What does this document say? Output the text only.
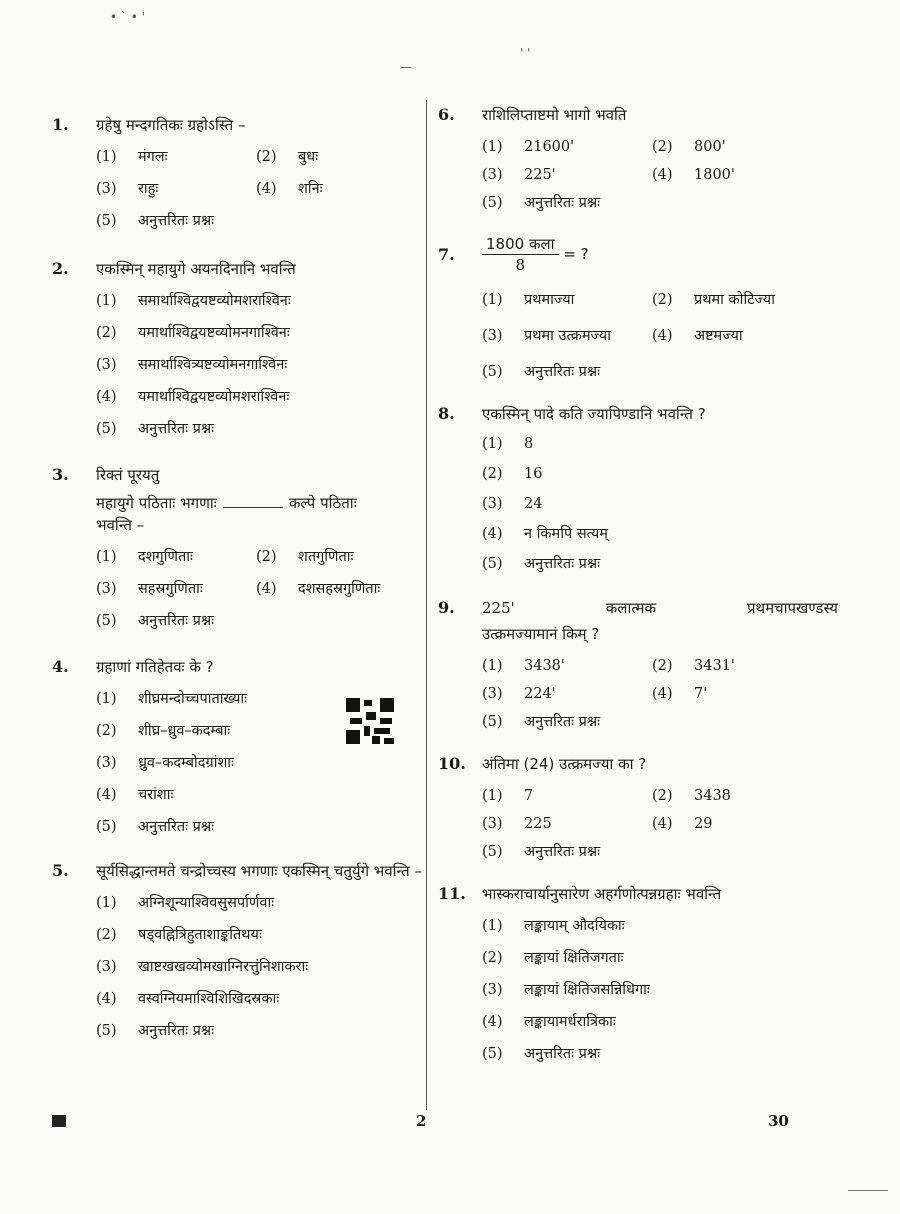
1.	ग्रहेषु मन्दगतिकः ग्रहोऽस्ति –
(1)	मंगलः	(2)	बुधः
(3)	राहुः	(4)	शनिः
(5)	अनुत्तरितः प्रश्नः
2.	एकस्मिन् महायुगे अयनदिनानि भवन्ति
(1)	समार्थाश्विद्वयष्टव्योमशराश्विनः
(2)	यमार्थाश्विद्वयष्टव्योमनगाश्विनः
(3)	समार्थाश्वित्र्यष्टव्योमनगाश्विनः
(4)	यमार्थाश्विद्वयष्टव्योमशराश्विनः
(5)	अनुत्तरितः प्रश्नः
3.	रिक्तं पूरयतु
महायुगे पठिताः भगणाः	कल्पे पठिताः
भवन्ति –
(1)	दशगुणिताः	(2)	शतगुणिताः
(3)	सहस्रगुणिताः	(4)	दशसहस्रगुणिताः
(5)	अनुत्तरितः प्रश्नः
4.	ग्रहाणां गतिहेतवः के ?
(1)	शीघ्रमन्दोच्चपाताख्याः
(2)	शीघ्र–ध्रुव–कदम्बाः
(3)	ध्रुव–कदम्बोदग्रांशाः
(4)	चरांशाः
(5)	अनुत्तरितः प्रश्नः
5.	सूर्यसिद्धान्तमते चन्द्रोच्चस्य भगणाः एकस्मिन् चतुर्युगे भवन्ति –
(1)	अग्निशून्याश्विवसुसर्पार्णवाः
(2)	षड्वह्नित्रिहुताशाङ्कतिथयः
(3)	खाष्टखखव्योमखाग्निरत्तुंनिशाकराः
(4)	वस्वग्नियमाश्विशिखिदस्रकाः
(5)	अनुत्तरितः प्रश्नः
6.	राशिलिप्ताष्टमो भागो भवति
(1)	21600'	(2)	800'
(3)	225'	(4)	1800'
(5)	अनुत्तरितः प्रश्नः
7.	$\frac{\text{1800 कला}}{8}$ = ?
(1)	प्रथमाज्या	(2)	प्रथमा कोटिज्या
(3)	प्रथमा उत्क्रमज्या	(4)	अष्टमज्या
(5)	अनुत्तरितः प्रश्नः
8.	एकस्मिन् पादे कति ज्यापिण्डानि भवन्ति ?
(1)	8
(2)	16
(3)	24
(4)	न किमपि सत्यम्
(5)	अनुत्तरितः प्रश्नः
9.	225'	कलात्मक	प्रथमचापखण्डस्य
उत्क्रमज्यामानं किम् ?
(1)	3438'	(2)	3431'
(3)	224'	(4)	7'
(5)	अनुत्तरितः प्रश्नः
10.	अंतिमा (24) उत्क्रमज्या का ?
(1)	7	(2)	3438
(3)	225	(4)	29
(5)	अनुत्तरितः प्रश्नः
11.	भास्कराचार्यानुसारेण अहर्गणोत्पन्नग्रहाः भवन्ति
(1)	लङ्कायाम् औदयिकाः
(2)	लङ्कायां क्षितिजगताः
(3)	लङ्कायां क्षितिजसन्निधिगाः
(4)	लङ्कायामर्धरात्रिकाः
(5)	अनुत्तरितः प्रश्नः
2	30
• ` • '
—
' '
